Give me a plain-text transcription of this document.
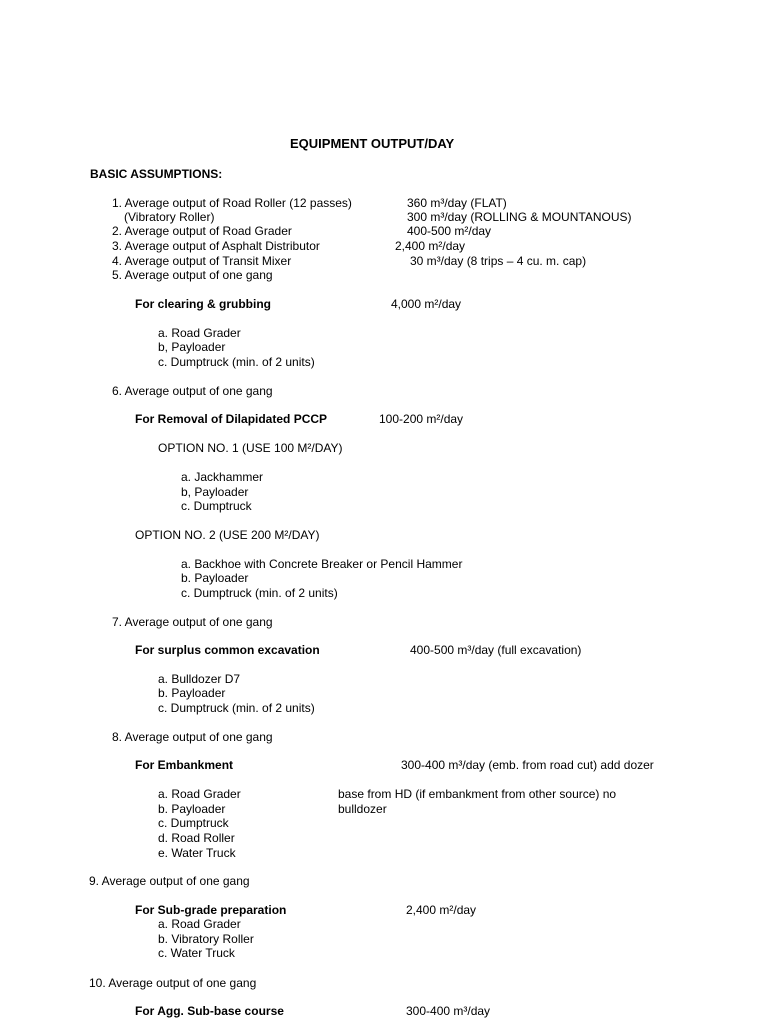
EQUIPMENT OUTPUT/DAY
BASIC ASSUMPTIONS:
1. Average output of Road Roller (12 passes)	360 m³/day (FLAT)
(Vibratory Roller)	300 m³/day (ROLLING & MOUNTANOUS)
2. Average output of Road Grader	400-500 m²/day
3. Average output of Asphalt Distributor	2,400 m²/day
4. Average output of Transit Mixer	30 m³/day (8 trips – 4 cu. m. cap)
5. Average output of one gang
For clearing & grubbing	4,000 m²/day
a. Road Grader
b, Payloader
c. Dumptruck (min. of 2 units)
6. Average output of one gang
For Removal of Dilapidated PCCP	100-200 m²/day
OPTION NO. 1 (USE 100 M²/DAY)
a. Jackhammer
b, Payloader
c. Dumptruck
OPTION NO. 2 (USE 200 M²/DAY)
a. Backhoe with Concrete Breaker or Pencil Hammer
b. Payloader
c. Dumptruck (min. of 2 units)
7. Average output of one gang
For surplus common excavation	400-500 m³/day (full excavation)
a. Bulldozer D7
b. Payloader
c. Dumptruck (min. of 2 units)
8. Average output of one gang
For Embankment	300-400 m³/day (emb. from road cut) add dozer
a. Road Grader	base from HD (if embankment from other source) no
b. Payloader	bulldozer
c. Dumptruck
d. Road Roller
e. Water Truck
9. Average output of one gang
For Sub-grade preparation	2,400 m²/day
a. Road Grader
b. Vibratory Roller
c. Water Truck
10. Average output of one gang
For Agg. Sub-base course	300-400 m³/day
